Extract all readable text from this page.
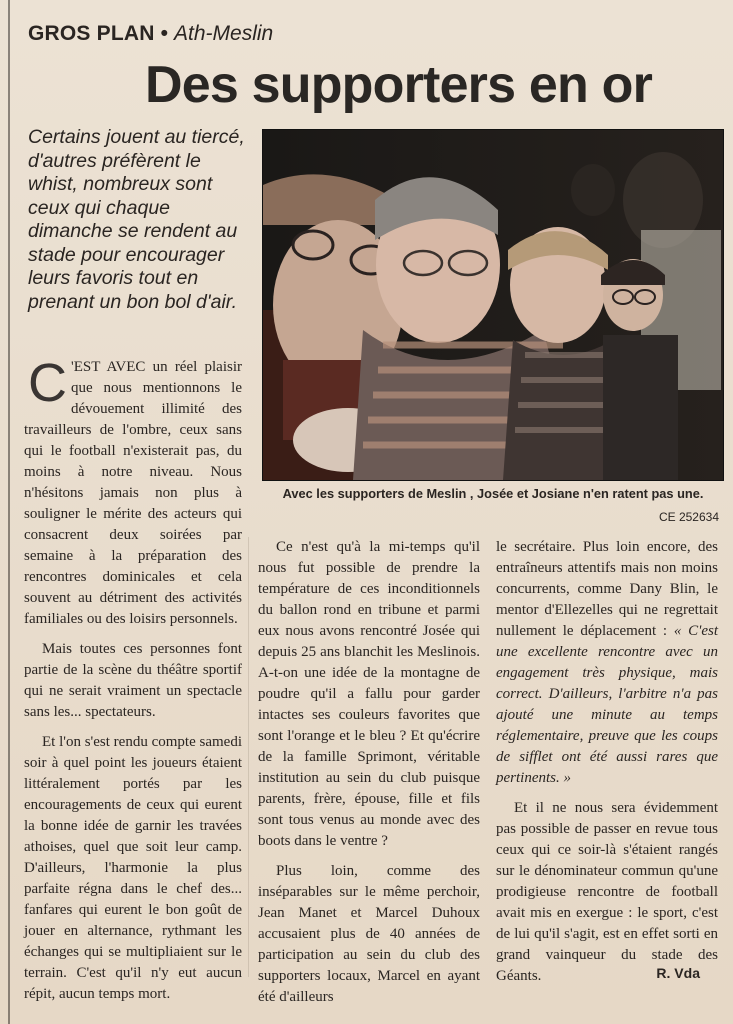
GROS PLAN • Ath-Meslin
Des supporters en or
Certains jouent au tiercé, d'autres préfèrent le whist, nombreux sont ceux qui chaque dimanche se rendent au stade pour encourager leurs favoris tout en prenant un bon bol d'air.
Avec les supporters de Meslin , Josée et Josiane n'en ratent pas une.
CE 252634

C 'EST AVEC un réel plaisir que nous mentionnons le dévouement illimité des travailleurs de l'ombre, ceux sans qui le football n'existerait pas, du moins à notre niveau. Nous n'hésitons jamais non plus à souligner le mérite des acteurs qui consacrent deux soirées par semaine à la préparation des rencontres dominicales et cela souvent au détriment des activités familiales ou des loisirs personnels.

Mais toutes ces personnes font partie de la scène du théâtre sportif qui ne serait vraiment un spectacle sans les... spectateurs.

Et l'on s'est rendu compte samedi soir à quel point les joueurs étaient littéralement portés par les encouragements de ceux qui eurent la bonne idée de garnir les travées athoises, quel que soit leur camp. D'ailleurs, l'harmonie la plus parfaite régna dans le chef des... fanfares qui eurent le bon goût de jouer en alternance, rythmant les échanges qui se multipliaient sur le terrain. C'est qu'il n'y eut aucun répit, aucun temps mort.

Ce n'est qu'à la mi-temps qu'il nous fut possible de prendre la température de ces inconditionnels du ballon rond en tribune et parmi eux nous avons rencontré Josée qui depuis 25 ans blanchit les Meslinois. A-t-on une idée de la montagne de poudre qu'il a fallu pour garder intactes ses couleurs favorites que sont l'orange et le bleu ? Et qu'écrire de la famille Sprimont, véritable institution au sein du club puisque parents, frère, épouse, fille et fils sont tous venus au monde avec des boots dans le ventre ?

Plus loin, comme des inséparables sur le même perchoir, Jean Manet et Marcel Duhoux accusaient plus de 40 années de participation au sein du club des supporters locaux, Marcel en ayant été d'ailleurs

le secrétaire. Plus loin encore, des entraîneurs attentifs mais non moins concurrents, comme Dany Blin, le mentor d'Ellezelles qui ne regrettait nullement le déplacement : « C'est une excellente rencontre avec un engagement très physique, mais correct. D'ailleurs, l'arbitre n'a pas ajouté une minute au temps réglementaire, preuve que les coups de sifflet ont été aussi rares que pertinents. »

Et il ne nous sera évidemment pas possible de passer en revue tous ceux qui ce soir-là s'étaient rangés sur le dénominateur commun qu'une prodigieuse rencontre de football avait mis en exergue : le sport, c'est de lui qu'il s'agit, est en effet sorti en grand vainqueur du stade des Géants.	R. Vda
